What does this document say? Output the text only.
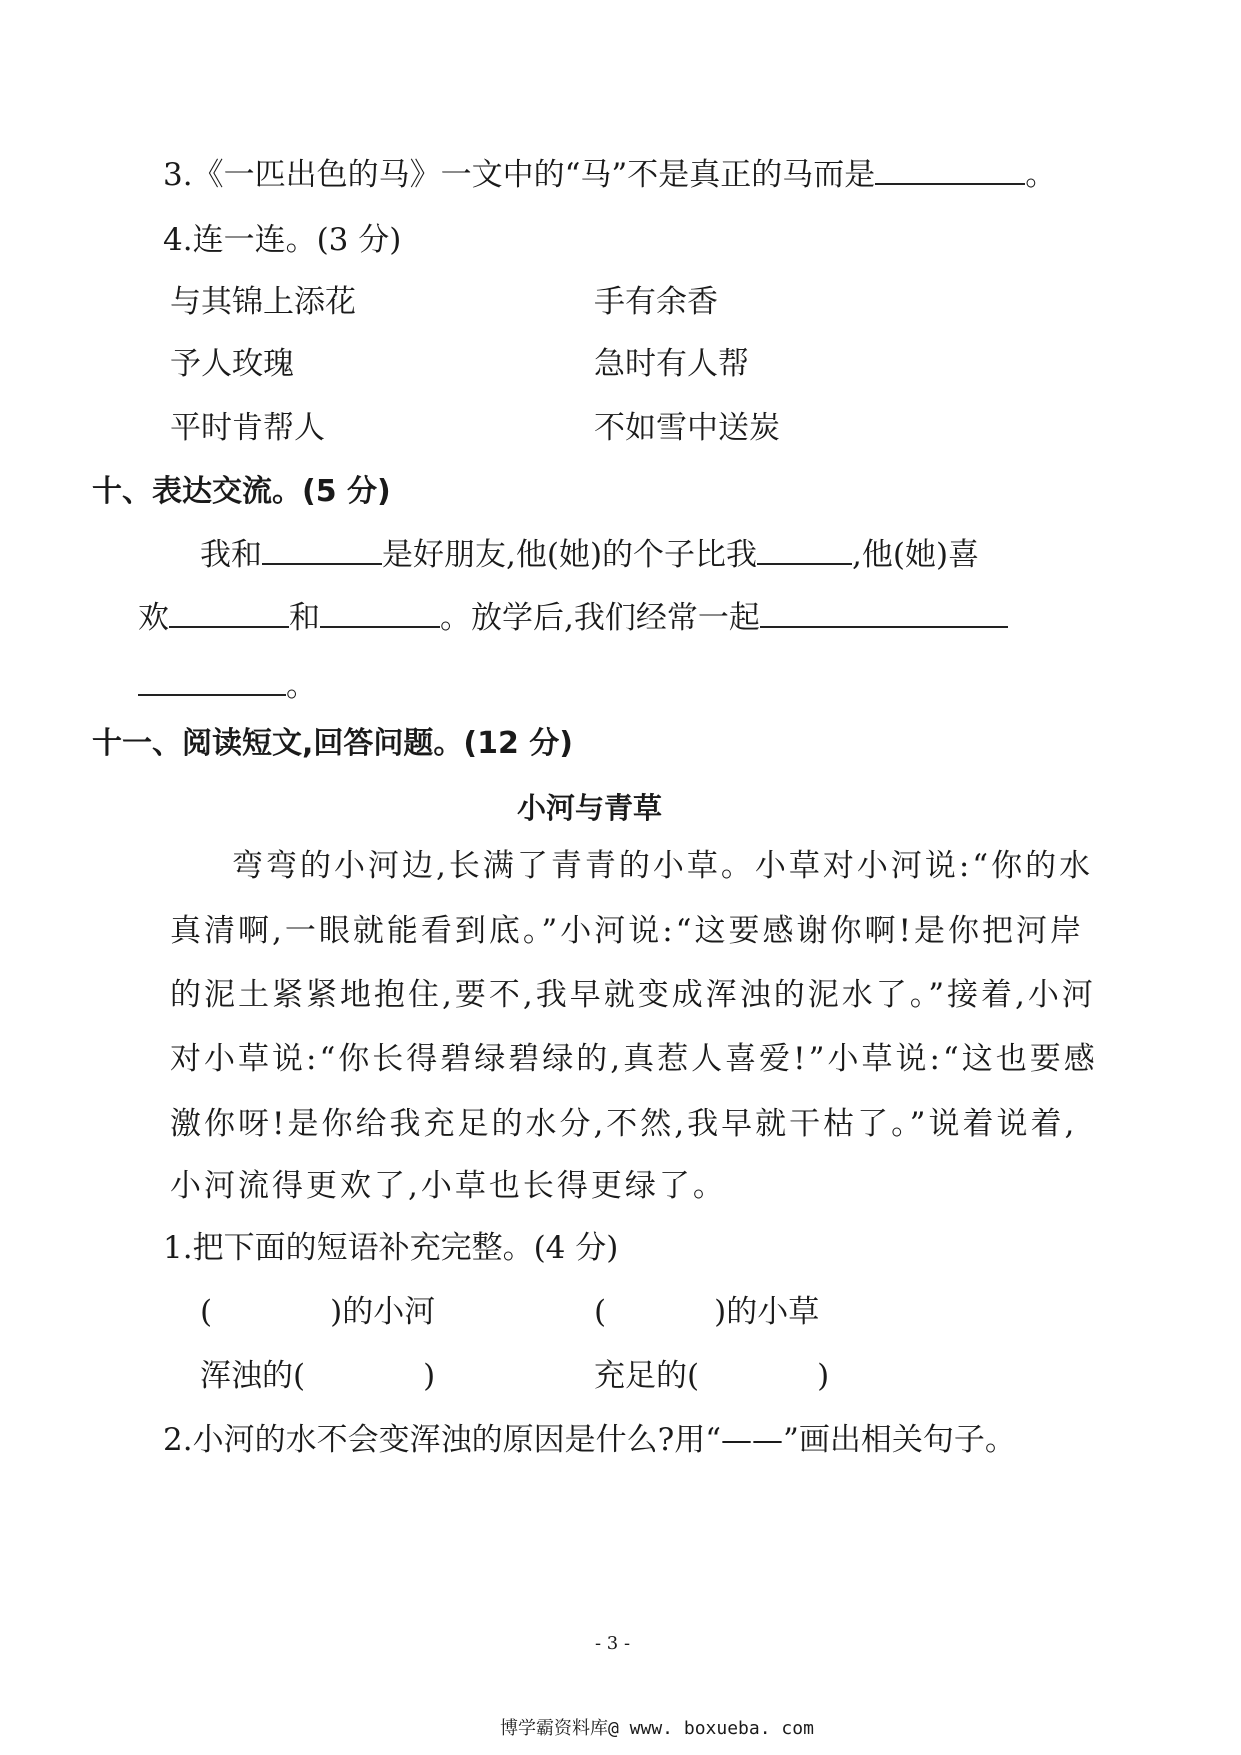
3.《一匹出色的马》一文中的“马”不是真正的马而是	。
4.连一连。(3 分)
与其锦上添花	手有余香
予人玫瑰	急时有人帮
平时肯帮人	不如雪中送炭
十、表达交流。(5 分)
我和	是好朋友,他(她)的个子比我	,他(她)喜
欢	和	。放学后,我们经常一起
。
十一、阅读短文,回答问题。(12 分)
小河与青草
弯弯的小河边,长满了青青的小草。小草对小河说:“你的水
真清啊,一眼就能看到底。”小河说:“这要感谢你啊!是你把河岸
的泥土紧紧地抱住,要不,我早就变成浑浊的泥水了。”接着,小河
对小草说:“你长得碧绿碧绿的,真惹人喜爱!”小草说:“这也要感
激你呀!是你给我充足的水分,不然,我早就干枯了。”说着说着,
小河流得更欢了,小草也长得更绿了。
1.把下面的短语补充完整。(4 分)
(	)的小河	(	)的小草
浑浊的(	)	充足的(	)
2.小河的水不会变浑浊的原因是什么?用“——”画出相关句子。
- 3 -
博学霸资料库@ www. boxueba. com
